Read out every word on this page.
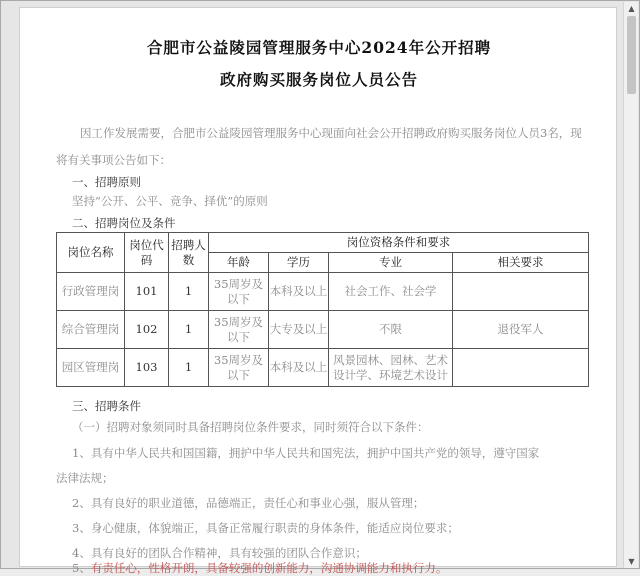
合肥市公益陵园管理服务中心2024年公开招聘
政府购买服务岗位人员公告
因工作发展需要，合肥市公益陵园管理服务中心现面向社会公开招聘政府购买服务岗位人员3名，现将有关事项公告如下：
一、招聘原则
坚持“公开、公平、竞争、择优”的原则
二、招聘岗位及条件
岗位名称	岗位代码	招聘人数	岗位资格条件和要求			
			年龄	学历	专业	相关要求
行政管理岗	101	1	35周岁及以下	本科及以上	社会工作、社会学	
综合管理岗	102	1	35周岁及以下	大专及以上	不限	退役军人
园区管理岗	103	1	35周岁及以下	本科及以上	风景园林、园林、艺术设计学、环境艺术设计	
三、招聘条件
（一）招聘对象须同时具备招聘岗位条件要求，同时须符合以下条件：
1、具有中华人民共和国国籍，拥护中华人民共和国宪法，拥护中国共产党的领导，遵守国家
法律法规；
2、具有良好的职业道德，品德端正，责任心和事业心强，服从管理；
3、身心健康，体貌端正，具备正常履行职责的身体条件，能适应岗位要求；
4、具有良好的团队合作精神，具有较强的团队合作意识；
5、有责任心，性格开朗，具备较强的创新能力，沟通协调能力和执行力。
▲
▼
